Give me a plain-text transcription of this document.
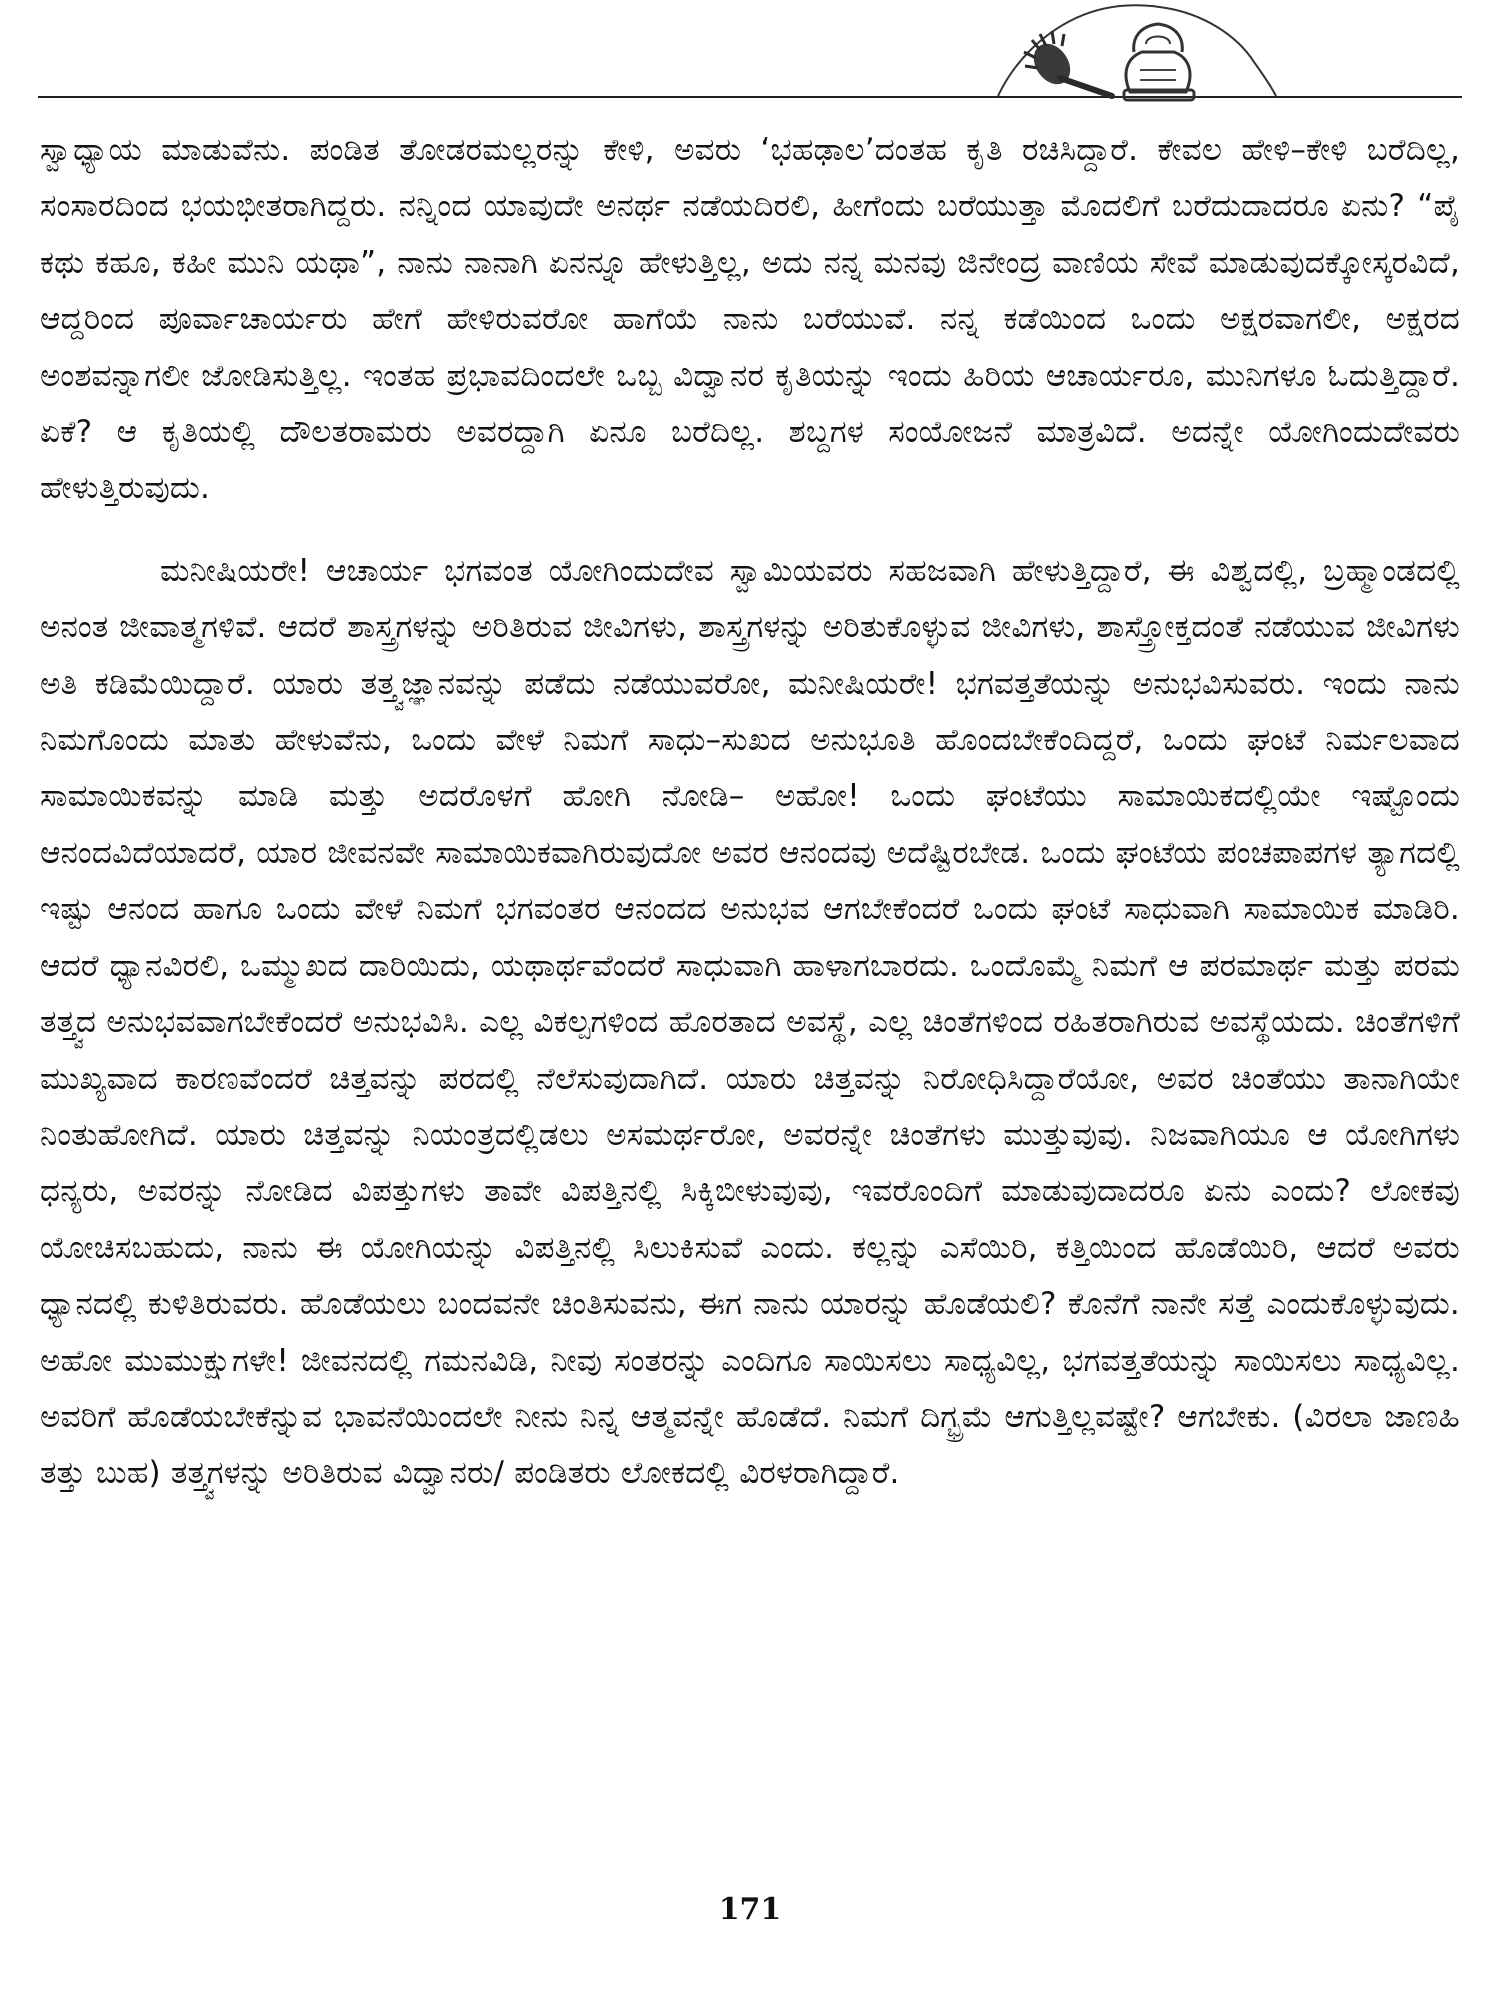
ಸ್ವಾಧ್ಯಾಯ ಮಾಡುವೆನು. ಪಂಡಿತ ತೋಡರಮಲ್ಲರನ್ನು ಕೇಳಿ, ಅವರು ‘ಭಹಢಾಲ’ದಂತಹ ಕೃತಿ ರಚಿಸಿದ್ದಾರೆ. ಕೇವಲ ಹೇಳಿ–ಕೇಳಿ ಬರೆದಿಲ್ಲ, ಸಂಸಾರದಿಂದ ಭಯಭೀತರಾಗಿದ್ದರು. ನನ್ನಿಂದ ಯಾವುದೇ ಅನರ್ಥ ನಡೆಯದಿರಲಿ, ಹೀಗೆಂದು ಬರೆಯುತ್ತಾ ಮೊದಲಿಗೆ ಬರೆದುದಾದರೂ ಏನು? “ಪೈ ಕಥು ಕಹೂ, ಕಹೀ ಮುನಿ ಯಥಾ”, ನಾನು ನಾನಾಗಿ ಏನನ್ನೂ ಹೇಳುತ್ತಿಲ್ಲ, ಅದು ನನ್ನ ಮನವು ಜಿನೇಂದ್ರ ವಾಣಿಯ ಸೇವೆ ಮಾಡುವುದಕ್ಕೋಸ್ಕರವಿದೆ, ಆದ್ದರಿಂದ ಪೂರ್ವಾಚಾರ್ಯರು ಹೇಗೆ ಹೇಳಿರುವರೋ ಹಾಗೆಯೆ ನಾನು ಬರೆಯುವೆ. ನನ್ನ ಕಡೆಯಿಂದ ಒಂದು ಅಕ್ಷರವಾಗಲೀ, ಅಕ್ಷರದ ಅಂಶವನ್ನಾಗಲೀ ಜೋಡಿಸುತ್ತಿಲ್ಲ. ಇಂತಹ ಪ್ರಭಾವದಿಂದಲೇ ಒಬ್ಬ ವಿದ್ವಾನರ ಕೃತಿಯನ್ನು ಇಂದು ಹಿರಿಯ ಆಚಾರ್ಯರೂ, ಮುನಿಗಳೂ ಓದುತ್ತಿದ್ದಾರೆ. ಏಕೆ? ಆ ಕೃತಿಯಲ್ಲಿ ದೌಲತರಾಮರು ಅವರದ್ದಾಗಿ ಏನೂ ಬರೆದಿಲ್ಲ. ಶಬ್ದಗಳ ಸಂಯೋಜನೆ ಮಾತ್ರವಿದೆ. ಅದನ್ನೇ ಯೋಗಿಂದುದೇವರು ಹೇಳುತ್ತಿರುವುದು.

ಮನೀಷಿಯರೇ! ಆಚಾರ್ಯ ಭಗವಂತ ಯೋಗಿಂದುದೇವ ಸ್ವಾಮಿಯವರು ಸಹಜವಾಗಿ ಹೇಳುತ್ತಿದ್ದಾರೆ, ಈ ವಿಶ್ವದಲ್ಲಿ, ಬ್ರಹ್ಮಾಂಡದಲ್ಲಿ ಅನಂತ ಜೀವಾತ್ಮಗಳಿವೆ. ಆದರೆ ಶಾಸ್ತ್ರಗಳನ್ನು ಅರಿತಿರುವ ಜೀವಿಗಳು, ಶಾಸ್ತ್ರಗಳನ್ನು ಅರಿತುಕೊಳ್ಳುವ ಜೀವಿಗಳು, ಶಾಸ್ತ್ರೋಕ್ತದಂತೆ ನಡೆಯುವ ಜೀವಿಗಳು ಅತಿ ಕಡಿಮೆಯಿದ್ದಾರೆ. ಯಾರು ತತ್ತ್ವಜ್ಞಾನವನ್ನು ಪಡೆದು ನಡೆಯುವರೋ, ಮನೀಷಿಯರೇ! ಭಗವತ್ತತೆಯನ್ನು ಅನುಭವಿಸುವರು. ಇಂದು ನಾನು ನಿಮಗೊಂದು ಮಾತು ಹೇಳುವೆನು, ಒಂದು ವೇಳೆ ನಿಮಗೆ ಸಾಧು–ಸುಖದ ಅನುಭೂತಿ ಹೊಂದಬೇಕೆಂದಿದ್ದರೆ, ಒಂದು ಘಂಟೆ ನಿರ್ಮಲವಾದ ಸಾಮಾಯಿಕವನ್ನು ಮಾಡಿ ಮತ್ತು ಅದರೊಳಗೆ ಹೋಗಿ ನೋಡಿ– ಅಹೋ! ಒಂದು ಘಂಟೆಯು ಸಾಮಾಯಿಕದಲ್ಲಿಯೇ ಇಷ್ಟೊಂದು ಆನಂದವಿದೆಯಾದರೆ, ಯಾರ ಜೀವನವೇ ಸಾಮಾಯಿಕವಾಗಿರುವುದೋ ಅವರ ಆನಂದವು ಅದೆಷ್ಟಿರಬೇಡ. ಒಂದು ಘಂಟೆಯ ಪಂಚಪಾಪಗಳ ತ್ಯಾಗದಲ್ಲಿ ಇಷ್ಟು ಆನಂದ ಹಾಗೂ ಒಂದು ವೇಳೆ ನಿಮಗೆ ಭಗವಂತರ ಆನಂದದ ಅನುಭವ ಆಗಬೇಕೆಂದರೆ ಒಂದು ಘಂಟೆ ಸಾಧುವಾಗಿ ಸಾಮಾಯಿಕ ಮಾಡಿರಿ. ಆದರೆ ಧ್ಯಾನವಿರಲಿ, ಒಮ್ಮುಖದ ದಾರಿಯಿದು, ಯಥಾರ್ಥವೆಂದರೆ ಸಾಧುವಾಗಿ ಹಾಳಾಗಬಾರದು. ಒಂದೊಮ್ಮೆ ನಿಮಗೆ ಆ ಪರಮಾರ್ಥ ಮತ್ತು ಪರಮ ತತ್ತ್ವದ ಅನುಭವವಾಗಬೇಕೆಂದರೆ ಅನುಭವಿಸಿ. ಎಲ್ಲ ವಿಕಲ್ಪಗಳಿಂದ ಹೊರತಾದ ಅವಸ್ಥೆ, ಎಲ್ಲ ಚಿಂತೆಗಳಿಂದ ರಹಿತರಾಗಿರುವ ಅವಸ್ಥೆಯದು. ಚಿಂತೆಗಳಿಗೆ ಮುಖ್ಯವಾದ ಕಾರಣವೆಂದರೆ ಚಿತ್ತವನ್ನು ಪರದಲ್ಲಿ ನೆಲೆಸುವುದಾಗಿದೆ. ಯಾರು ಚಿತ್ತವನ್ನು ನಿರೋಧಿಸಿದ್ದಾರೆಯೋ, ಅವರ ಚಿಂತೆಯು ತಾನಾಗಿಯೇ ನಿಂತುಹೋಗಿದೆ. ಯಾರು ಚಿತ್ತವನ್ನು ನಿಯಂತ್ರದಲ್ಲಿಡಲು ಅಸಮರ್ಥರೋ, ಅವರನ್ನೇ ಚಿಂತೆಗಳು ಮುತ್ತುವುವು. ನಿಜವಾಗಿಯೂ ಆ ಯೋಗಿಗಳು ಧನ್ಯರು, ಅವರನ್ನು ನೋಡಿದ ವಿಪತ್ತುಗಳು ತಾವೇ ವಿಪತ್ತಿನಲ್ಲಿ ಸಿಕ್ಕಿಬೀಳುವುವು, ಇವರೊಂದಿಗೆ ಮಾಡುವುದಾದರೂ ಏನು ಎಂದು? ಲೋಕವು ಯೋಚಿಸಬಹುದು, ನಾನು ಈ ಯೋಗಿಯನ್ನು ವಿಪತ್ತಿನಲ್ಲಿ ಸಿಲುಕಿಸುವೆ ಎಂದು. ಕಲ್ಲನ್ನು ಎಸೆಯಿರಿ, ಕತ್ತಿಯಿಂದ ಹೊಡೆಯಿರಿ, ಆದರೆ ಅವರು ಧ್ಯಾನದಲ್ಲಿ ಕುಳಿತಿರುವರು. ಹೊಡೆಯಲು ಬಂದವನೇ ಚಿಂತಿಸುವನು, ಈಗ ನಾನು ಯಾರನ್ನು ಹೊಡೆಯಲಿ? ಕೊನೆಗೆ ನಾನೇ ಸತ್ತೆ ಎಂದುಕೊಳ್ಳುವುದು. ಅಹೋ ಮುಮುಕ್ಷುಗಳೇ! ಜೀವನದಲ್ಲಿ ಗಮನವಿಡಿ, ನೀವು ಸಂತರನ್ನು ಎಂದಿಗೂ ಸಾಯಿಸಲು ಸಾಧ್ಯವಿಲ್ಲ, ಭಗವತ್ತತೆಯನ್ನು ಸಾಯಿಸಲು ಸಾಧ್ಯವಿಲ್ಲ. ಅವರಿಗೆ ಹೊಡೆಯಬೇಕೆನ್ನುವ ಭಾವನೆಯಿಂದಲೇ ನೀನು ನಿನ್ನ ಆತ್ಮವನ್ನೇ ಹೊಡೆದೆ. ನಿಮಗೆ ದಿಗ್ಭ್ರಮೆ ಆಗುತ್ತಿಲ್ಲವಷ್ಟೇ? ಆಗಬೇಕು. (ವಿರಲಾ ಜಾಣಹಿ ತತ್ತು ಬುಹ) ತತ್ತ್ವಗಳನ್ನು ಅರಿತಿರುವ ವಿದ್ವಾನರು/ ಪಂಡಿತರು ಲೋಕದಲ್ಲಿ ವಿರಳರಾಗಿದ್ದಾರೆ.

171
